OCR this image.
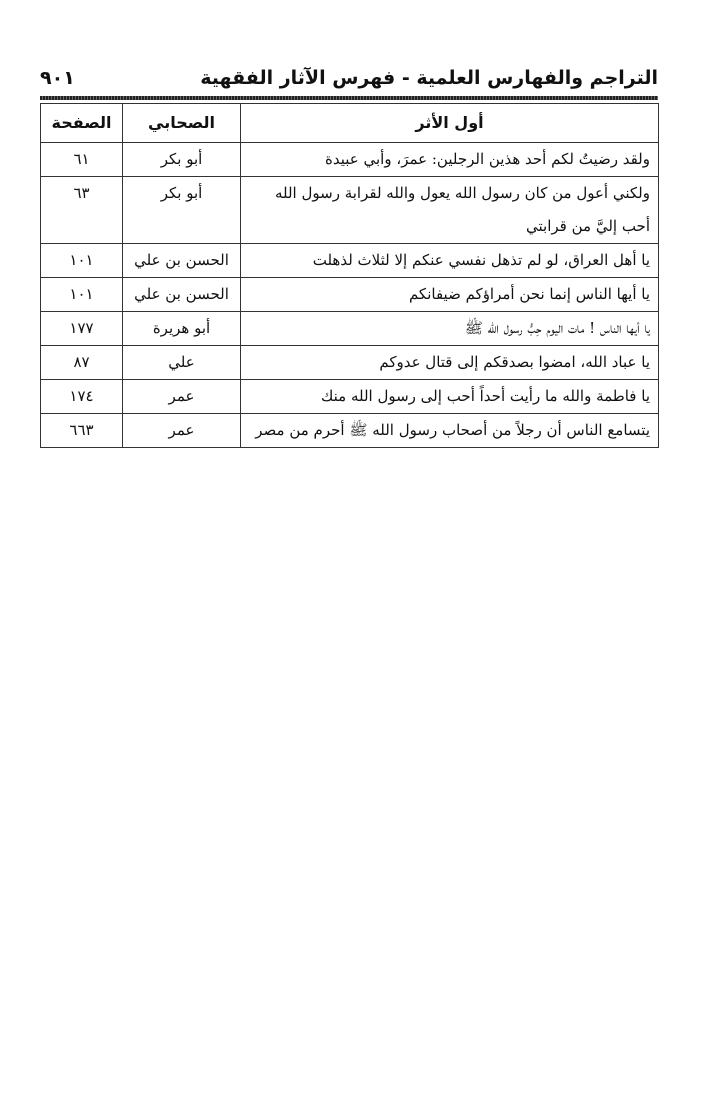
التراجم والفهارس العلمية - فهرس الآثار الفقهية
٩٠١
أول الأثر	الصحابي	الصفحة
ولقد رضيتُ لكم أحد هذين الرجلين: عمرَ، وأبي عبيدة	أبو بكر	٦١
ولكني أعول من كان رسول الله يعول والله لقرابة رسول الله أحب إليَّ من قرابتي	أبو بكر	٦٣
يا أهل العراق، لو لم تذهل نفسي عنكم إلا لثلاث لذهلت	الحسن بن علي	١٠١
يا أيها الناس إنما نحن أمراؤكم ضيفانكم	الحسن بن علي	١٠١
يا أيها الناس ! مات اليوم حِبُّ رسول الله ﷺ	أبو هريرة	١٧٧
يا عباد الله، امضوا بصدقكم إلى قتال عدوكم	علي	٨٧
يا فاطمة والله ما رأيت أحداً أحب إلى رسول الله منك	عمر	١٧٤
يتسامع الناس أن رجلاً من أصحاب رسول الله ﷺ أحرم من مصر	عمر	٦٦٣
